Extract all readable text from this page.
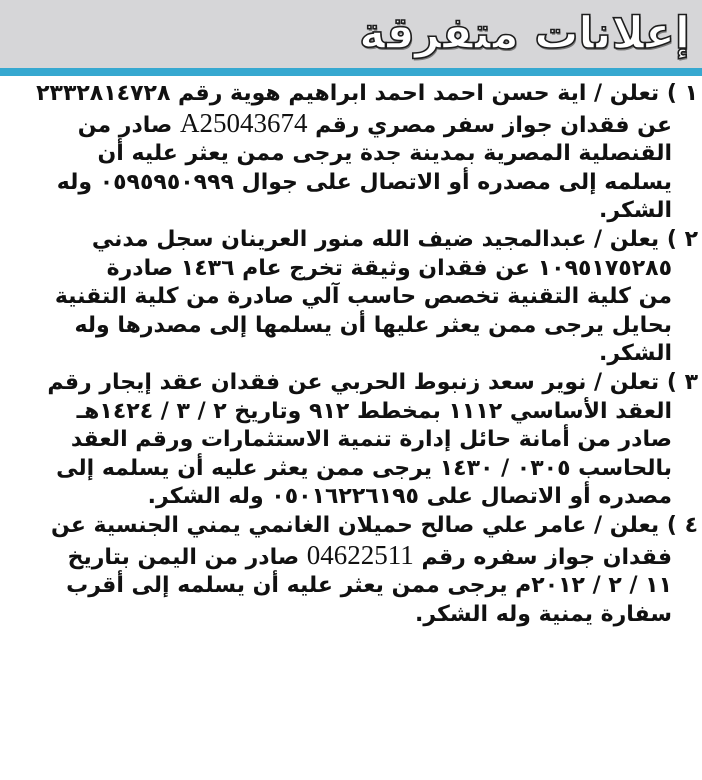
إعلانات متفرقة
١ ) تعلن / اية حسن احمد احمد ابراهيم هوية رقم ٢٣٣٢٨١٤٧٢٨
عن فقدان جواز سفر مصري رقم A25043674 صادر من
القنصلية المصرية بمدينة جدة يرجى ممن يعثر عليه أن
يسلمه إلى مصدره أو الاتصال على جوال ٠٥٩٥٩٥٠٩٩٩ وله
الشكر.
٢ ) يعلن / عبدالمجيد ضيف الله منور العرينان سجل مدني
١٠٩٥١٧٥٢٨٥ عن فقدان وثيقة تخرج عام ١٤٣٦ صادرة
من كلية التقنية تخصص حاسب آلي صادرة من كلية التقنية
بحايل يرجى ممن يعثر عليها أن يسلمها إلى مصدرها وله
الشكر.
٣ ) تعلن / نوير سعد زنبوط الحربي عن فقدان عقد إيجار رقم
العقد الأساسي ١١١٢ بمخطط ٩١٢ وتاريخ ٢ / ٣ / ١٤٢٤هـ
صادر من أمانة حائل إدارة تنمية الاستثمارات ورقم العقد
بالحاسب ٠٣٠٥ / ١٤٣٠ يرجى ممن يعثر عليه أن يسلمه إلى
مصدره أو الاتصال على ٠٥٠١٦٢٢٦١٩٥ وله الشكر.
٤ ) يعلن / عامر علي صالح حميلان الغانمي يمني الجنسية عن
فقدان جواز سفره رقم 04622511 صادر من اليمن بتاريخ
١١ / ٢ / ٢٠١٢م يرجى ممن يعثر عليه أن يسلمه إلى أقرب
سفارة يمنية وله الشكر.
